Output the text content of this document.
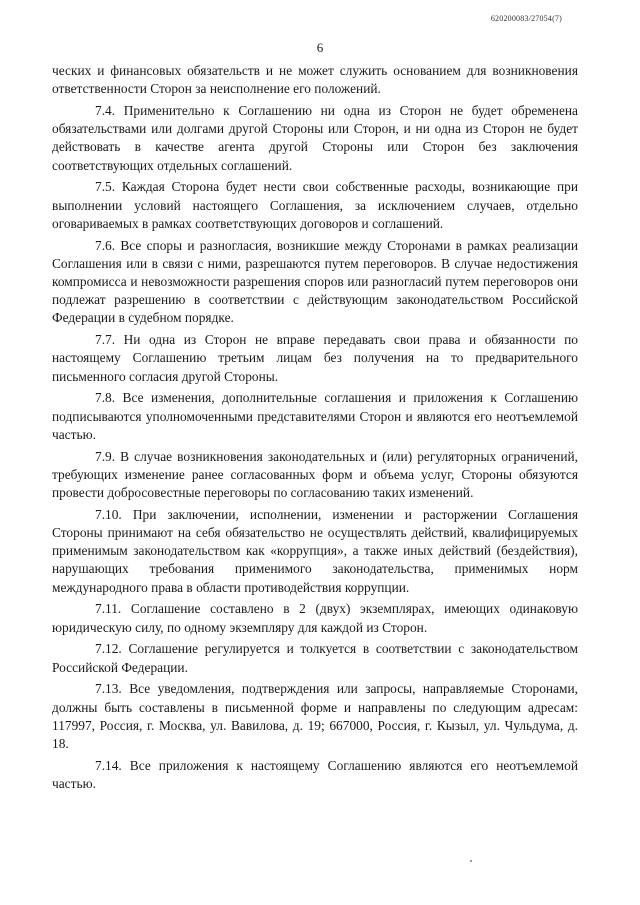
620200083/27054(7)
6

ческих и финансовых обязательств и не может служить основанием для возникновения ответственности Сторон за неисполнение его положений.

7.4. Применительно к Соглашению ни одна из Сторон не будет обременена обязательствами или долгами другой Стороны или Сторон, и ни одна из Сторон не будет действовать в качестве агента другой Стороны или Сторон без заключения соответствующих отдельных соглашений.

7.5. Каждая Сторона будет нести свои собственные расходы, возникающие при выполнении условий настоящего Соглашения, за исключением случаев, отдельно оговариваемых в рамках соответствующих договоров и соглашений.

7.6. Все споры и разногласия, возникшие между Сторонами в рамках реализации Соглашения или в связи с ними, разрешаются путем переговоров. В случае недостижения компромисса и невозможности разрешения споров или разногласий путем переговоров они подлежат разрешению в соответствии с действующим законодательством Российской Федерации в судебном порядке.

7.7. Ни одна из Сторон не вправе передавать свои права и обязанности по настоящему Соглашению третьим лицам без получения на то предварительного письменного согласия другой Стороны.

7.8. Все изменения, дополнительные соглашения и приложения к Соглашению подписываются уполномоченными представителями Сторон и являются его неотъемлемой частью.

7.9. В случае возникновения законодательных и (или) регуляторных ограничений, требующих изменение ранее согласованных форм и объема услуг, Стороны обязуются провести добросовестные переговоры по согласованию таких изменений.

7.10. При заключении, исполнении, изменении и расторжении Соглашения Стороны принимают на себя обязательство не осуществлять действий, квалифицируемых применимым законодательством как «коррупция», а также иных действий (бездействия), нарушающих требования применимого законодательства, применимых норм международного права в области противодействия коррупции.

7.11. Соглашение составлено в 2 (двух) экземплярах, имеющих одинаковую юридическую силу, по одному экземпляру для каждой из Сторон.

7.12. Соглашение регулируется и толкуется в соответствии с законодательством Российской Федерации.

7.13. Все уведомления, подтверждения или запросы, направляемые Сторонами, должны быть составлены в письменной форме и направлены по следующим адресам: 117997, Россия, г. Москва, ул. Вавилова, д. 19; 667000, Россия, г. Кызыл, ул. Чульдума, д. 18.

7.14. Все приложения к настоящему Соглашению являются его неотъемлемой частью.
